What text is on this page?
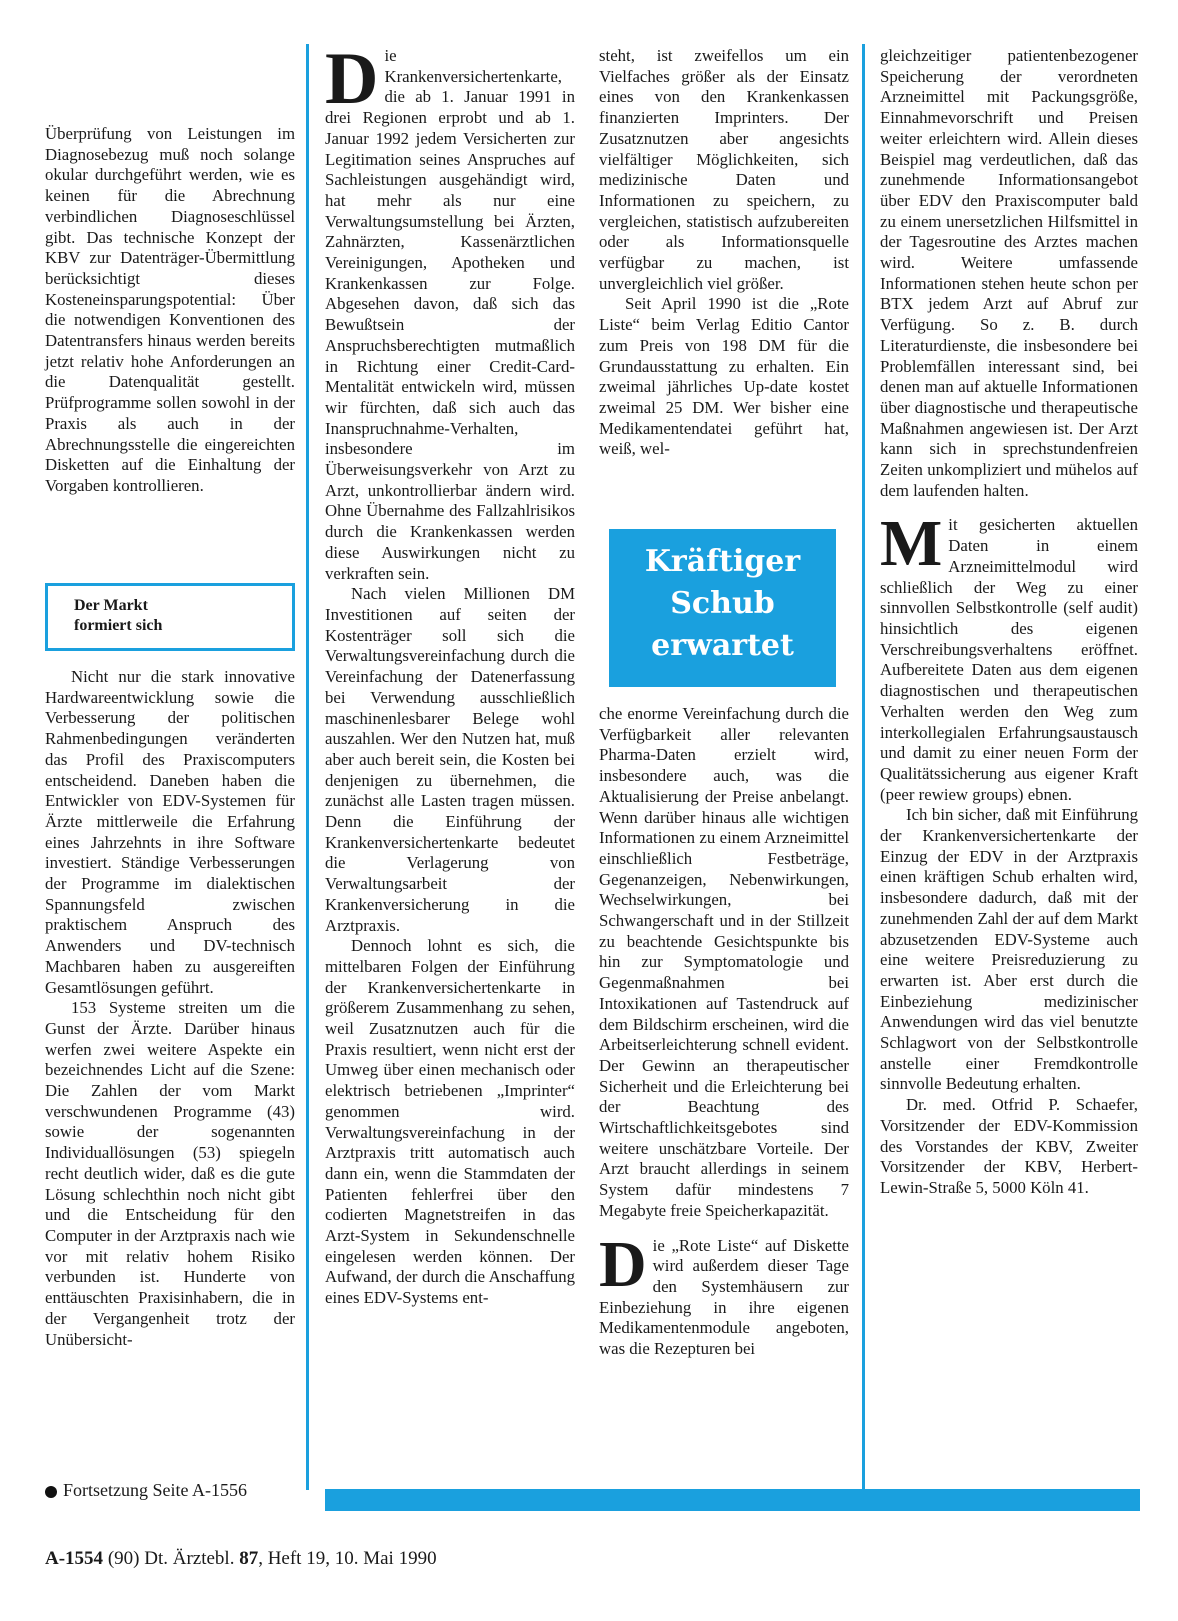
Überprüfung von Leistungen im Diagnosebezug muß noch solange okular durchgeführt werden, wie es keinen für die Abrechnung verbindlichen Diagnoseschlüssel gibt. Das technische Konzept der KBV zur Datenträger-Übermittlung berücksichtigt dieses Kosteneinsparungspotential: Über die notwendigen Konventionen des Datentransfers hinaus werden bereits jetzt relativ hohe Anforderungen an die Datenqualität gestellt. Prüfprogramme sollen sowohl in der Praxis als auch in der Abrechnungsstelle die eingereichten Disketten auf die Einhaltung der Vorgaben kontrollieren.

Der Markt
formiert sich

Nicht nur die stark innovative Hardwareentwicklung sowie die Verbesserung der politischen Rahmenbedingungen veränderten das Profil des Praxiscomputers entscheidend. Daneben haben die Entwickler von EDV-Systemen für Ärzte mittlerweile die Erfahrung eines Jahrzehnts in ihre Software investiert. Ständige Verbesserungen der Programme im dialektischen Spannungsfeld zwischen praktischem Anspruch des Anwenders und DV-technisch Machbaren haben zu ausgereiften Gesamtlösungen geführt.

153 Systeme streiten um die Gunst der Ärzte. Darüber hinaus werfen zwei weitere Aspekte ein bezeichnendes Licht auf die Szene: Die Zahlen der vom Markt verschwundenen Programme (43) sowie der sogenannten Individuallösungen (53) spiegeln recht deutlich wider, daß es die gute Lösung schlechthin noch nicht gibt und die Entscheidung für den Computer in der Arztpraxis nach wie vor mit relativ hohem Risiko verbunden ist. Hunderte von enttäuschten Praxisinhabern, die in der Vergangenheit trotz der Unübersicht-

D ie Krankenversichertenkarte, die ab 1. Januar 1991 in drei Regionen erprobt und ab 1. Januar 1992 jedem Versicherten zur Legitimation seines Anspruches auf Sachleistungen ausgehändigt wird, hat mehr als nur eine Verwaltungsumstellung bei Ärzten, Zahnärzten, Kassenärztlichen Vereinigungen, Apotheken und Krankenkassen zur Folge. Abgesehen davon, daß sich das Bewußtsein der Anspruchsberechtigten mutmaßlich in Richtung einer Credit-Card-Mentalität entwickeln wird, müssen wir fürchten, daß sich auch das Inanspruchnahme-Verhalten, insbesondere im Überweisungsverkehr von Arzt zu Arzt, unkontrollierbar ändern wird. Ohne Übernahme des Fallzahlrisikos durch die Krankenkassen werden diese Auswirkungen nicht zu verkraften sein.

Nach vielen Millionen DM Investitionen auf seiten der Kostenträger soll sich die Verwaltungsvereinfachung durch die Vereinfachung der Datenerfassung bei Verwendung ausschließlich maschinenlesbarer Belege wohl auszahlen. Wer den Nutzen hat, muß aber auch bereit sein, die Kosten bei denjenigen zu übernehmen, die zunächst alle Lasten tragen müssen. Denn die Einführung der Krankenversichertenkarte bedeutet die Verlagerung von Verwaltungsarbeit der Krankenversicherung in die Arztpraxis.

Dennoch lohnt es sich, die mittelbaren Folgen der Einführung der Krankenversichertenkarte in größerem Zusammenhang zu sehen, weil Zusatznutzen auch für die Praxis resultiert, wenn nicht erst der Umweg über einen mechanisch oder elektrisch betriebenen „Imprinter“ genommen wird. Verwaltungsvereinfachung in der Arztpraxis tritt automatisch auch dann ein, wenn die Stammdaten der Patienten fehlerfrei über den codierten Magnetstreifen in das Arzt-System in Sekundenschnelle eingelesen werden können. Der Aufwand, der durch die Anschaffung eines EDV-Systems ent-

steht, ist zweifellos um ein Vielfaches größer als der Einsatz eines von den Krankenkassen finanzierten Imprinters. Der Zusatznutzen aber angesichts vielfältiger Möglichkeiten, sich medizinische Daten und Informationen zu speichern, zu vergleichen, statistisch aufzubereiten oder als Informationsquelle verfügbar zu machen, ist unvergleichlich viel größer.

Seit April 1990 ist die „Rote Liste“ beim Verlag Editio Cantor zum Preis von 198 DM für die Grundausstattung zu erhalten. Ein zweimal jährliches Up-date kostet zweimal 25 DM. Wer bisher eine Medikamentendatei geführt hat, weiß, wel-

Kräftiger
Schub
erwartet

che enorme Vereinfachung durch die Verfügbarkeit aller relevanten Pharma-Daten erzielt wird, insbesondere auch, was die Aktualisierung der Preise anbelangt. Wenn darüber hinaus alle wichtigen Informationen zu einem Arzneimittel einschließlich Festbeträge, Gegenanzeigen, Nebenwirkungen, Wechselwirkungen, bei Schwangerschaft und in der Stillzeit zu beachtende Gesichtspunkte bis hin zur Symptomatologie und Gegenmaßnahmen bei Intoxikationen auf Tastendruck auf dem Bildschirm erscheinen, wird die Arbeitserleichterung schnell evident. Der Gewinn an therapeutischer Sicherheit und die Erleichterung bei der Beachtung des Wirtschaftlichkeitsgebotes sind weitere unschätzbare Vorteile. Der Arzt braucht allerdings in seinem System dafür mindestens 7 Megabyte freie Speicherkapazität.

D ie „Rote Liste“ auf Diskette wird außerdem dieser Tage den Systemhäusern zur Einbeziehung in ihre eigenen Medikamentenmodule angeboten, was die Rezepturen bei

gleichzeitiger patientenbezogener Speicherung der verordneten Arzneimittel mit Packungsgröße, Einnahmevorschrift und Preisen weiter erleichtern wird. Allein dieses Beispiel mag verdeutlichen, daß das zunehmende Informationsangebot über EDV den Praxiscomputer bald zu einem unersetzlichen Hilfsmittel in der Tagesroutine des Arztes machen wird. Weitere umfassende Informationen stehen heute schon per BTX jedem Arzt auf Abruf zur Verfügung. So z. B. durch Literaturdienste, die insbesondere bei Problemfällen interessant sind, bei denen man auf aktuelle Informationen über diagnostische und therapeutische Maßnahmen angewiesen ist. Der Arzt kann sich in sprechstundenfreien Zeiten unkompliziert und mühelos auf dem laufenden halten.

M it gesicherten aktuellen Daten in einem Arzneimittelmodul wird schließlich der Weg zu einer sinnvollen Selbstkontrolle (self audit) hinsichtlich des eigenen Verschreibungsverhaltens eröffnet. Aufbereitete Daten aus dem eigenen diagnostischen und therapeutischen Verhalten werden den Weg zum interkollegialen Erfahrungsaustausch und damit zu einer neuen Form der Qualitätssicherung aus eigener Kraft (peer rewiew groups) ebnen.

Ich bin sicher, daß mit Einführung der Krankenversichertenkarte der Einzug der EDV in der Arztpraxis einen kräftigen Schub erhalten wird, insbesondere dadurch, daß mit der zunehmenden Zahl der auf dem Markt abzusetzenden EDV-Systeme auch eine weitere Preisreduzierung zu erwarten ist. Aber erst durch die Einbeziehung medizinischer Anwendungen wird das viel benutzte Schlagwort von der Selbstkontrolle anstelle einer Fremdkontrolle sinnvolle Bedeutung erhalten.

Dr. med. Otfrid P. Schaefer, Vorsitzender der EDV-Kommission des Vorstandes der KBV, Zweiter Vorsitzender der KBV, Herbert-Lewin-Straße 5, 5000 Köln 41.

Fortsetzung Seite A-1556
A-1554 (90) Dt. Ärztebl. 87, Heft 19, 10. Mai 1990
